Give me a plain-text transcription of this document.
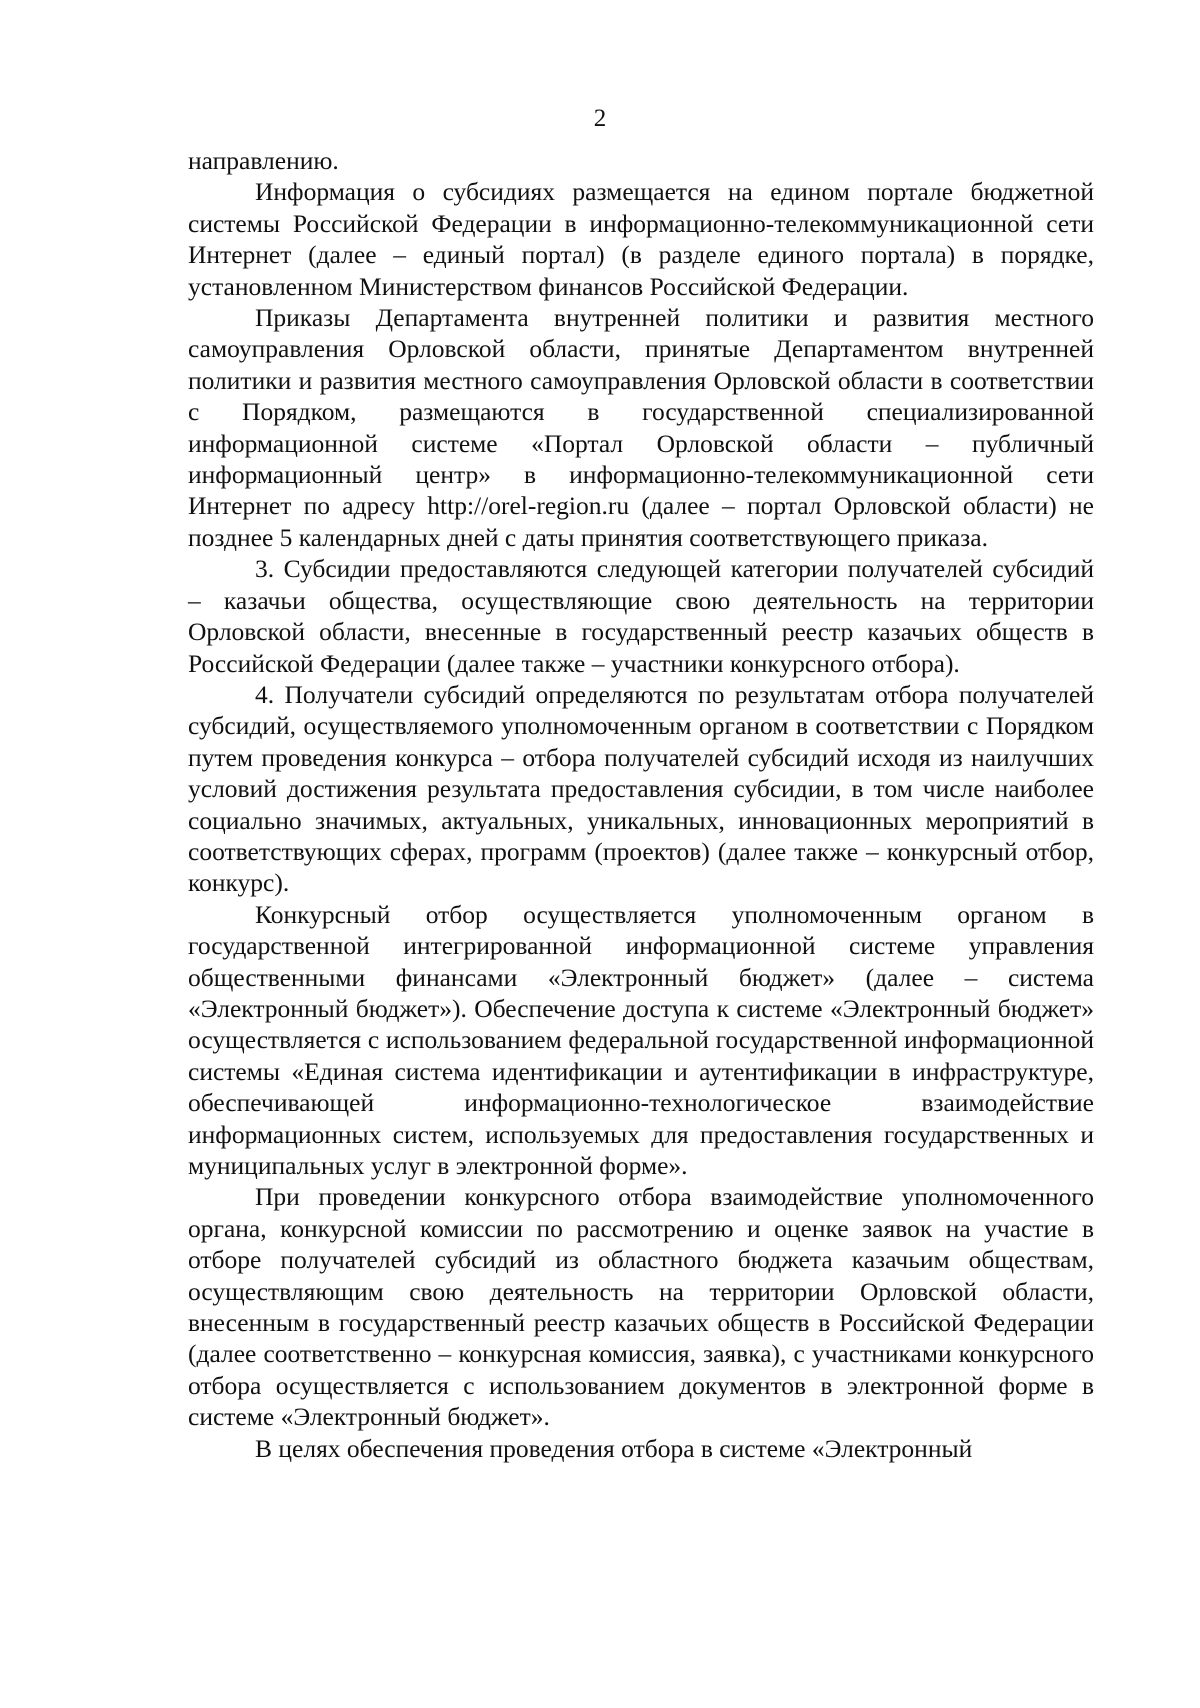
2

направлению.

Информация о субсидиях размещается на едином портале бюджетной системы Российской Федерации в информационно-телекоммуникационной сети Интернет (далее – единый портал) (в разделе единого портала) в порядке, установленном Министерством финансов Российской Федерации.

Приказы Департамента внутренней политики и развития местного самоуправления Орловской области, принятые Департаментом внутренней политики и развития местного самоуправления Орловской области в соответствии с Порядком, размещаются в государственной специализированной информационной системе «Портал Орловской области – публичный информационный центр» в информационно-телекоммуникационной сети Интернет по адресу http://orel-region.ru (далее – портал Орловской области) не позднее 5 календарных дней с даты принятия соответствующего приказа.

3. Субсидии предоставляются следующей категории получателей субсидий – казачьи общества, осуществляющие свою деятельность на территории Орловской области, внесенные в государственный реестр казачьих обществ в Российской Федерации (далее также – участники конкурсного отбора).

4. Получатели субсидий определяются по результатам отбора получателей субсидий, осуществляемого уполномоченным органом в соответствии с Порядком путем проведения конкурса – отбора получателей субсидий исходя из наилучших условий достижения результата предоставления субсидии, в том числе наиболее социально значимых, актуальных, уникальных, инновационных мероприятий в соответствующих сферах, программ (проектов) (далее также – конкурсный отбор, конкурс).

Конкурсный отбор осуществляется уполномоченным органом в государственной интегрированной информационной системе управления общественными финансами «Электронный бюджет» (далее – система «Электронный бюджет»). Обеспечение доступа к системе «Электронный бюджет» осуществляется с использованием федеральной государственной информационной системы «Единая система идентификации и аутентификации в инфраструктуре, обеспечивающей информационно-технологическое взаимодействие информационных систем, используемых для предоставления государственных и муниципальных услуг в электронной форме».

При проведении конкурсного отбора взаимодействие уполномоченного органа, конкурсной комиссии по рассмотрению и оценке заявок на участие в отборе получателей субсидий из областного бюджета казачьим обществам, осуществляющим свою деятельность на территории Орловской области, внесенным в государственный реестр казачьих обществ в Российской Федерации (далее соответственно – конкурсная комиссия, заявка), с участниками конкурсного отбора осуществляется с использованием документов в электронной форме в системе «Электронный бюджет».

В целях обеспечения проведения отбора в системе «Электронный
